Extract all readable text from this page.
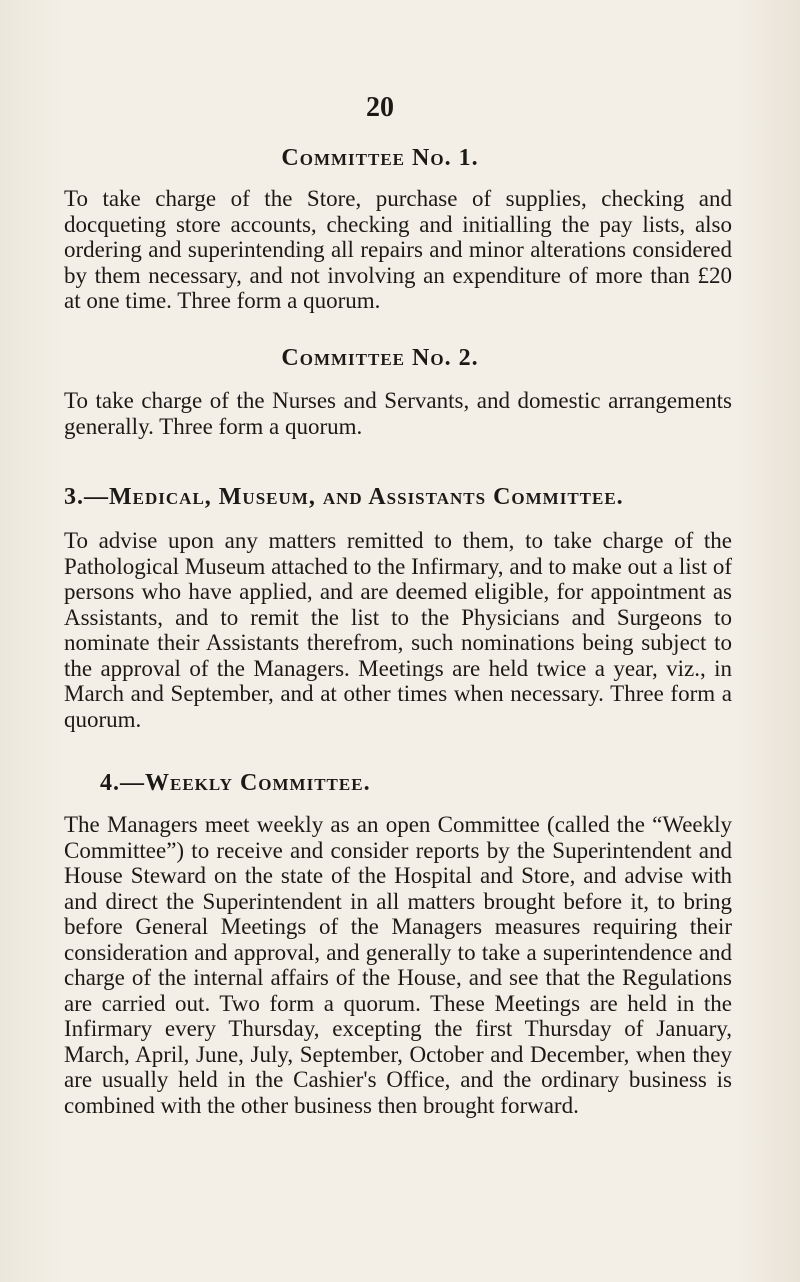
20
Committee No. 1.

To take charge of the Store, purchase of supplies, checking and docqueting store accounts, checking and initialling the pay lists, also ordering and superintending all repairs and minor alterations considered by them necessary, and not involving an expenditure of more than £20 at one time. Three form a quorum.

Committee No. 2.

To take charge of the Nurses and Servants, and domestic arrangements generally. Three form a quorum.

3.—Medical, Museum, and Assistants Committee.

To advise upon any matters remitted to them, to take charge of the Pathological Museum attached to the Infirmary, and to make out a list of persons who have applied, and are deemed eligible, for appointment as Assistants, and to remit the list to the Physicians and Surgeons to nominate their Assistants therefrom, such nominations being subject to the approval of the Managers. Meetings are held twice a year, viz., in March and September, and at other times when necessary. Three form a quorum.

4.—Weekly Committee.

The Managers meet weekly as an open Committee (called the “Weekly Committee”) to receive and consider reports by the Superintendent and House Steward on the state of the Hospital and Store, and advise with and direct the Superintendent in all matters brought before it, to bring before General Meetings of the Managers measures requiring their consideration and approval, and generally to take a superintendence and charge of the internal affairs of the House, and see that the Regulations are carried out. Two form a quorum. These Meetings are held in the Infirmary every Thursday, excepting the first Thursday of January, March, April, June, July, September, October and December, when they are usually held in the Cashier's Office, and the ordinary business is combined with the other business then brought forward.
